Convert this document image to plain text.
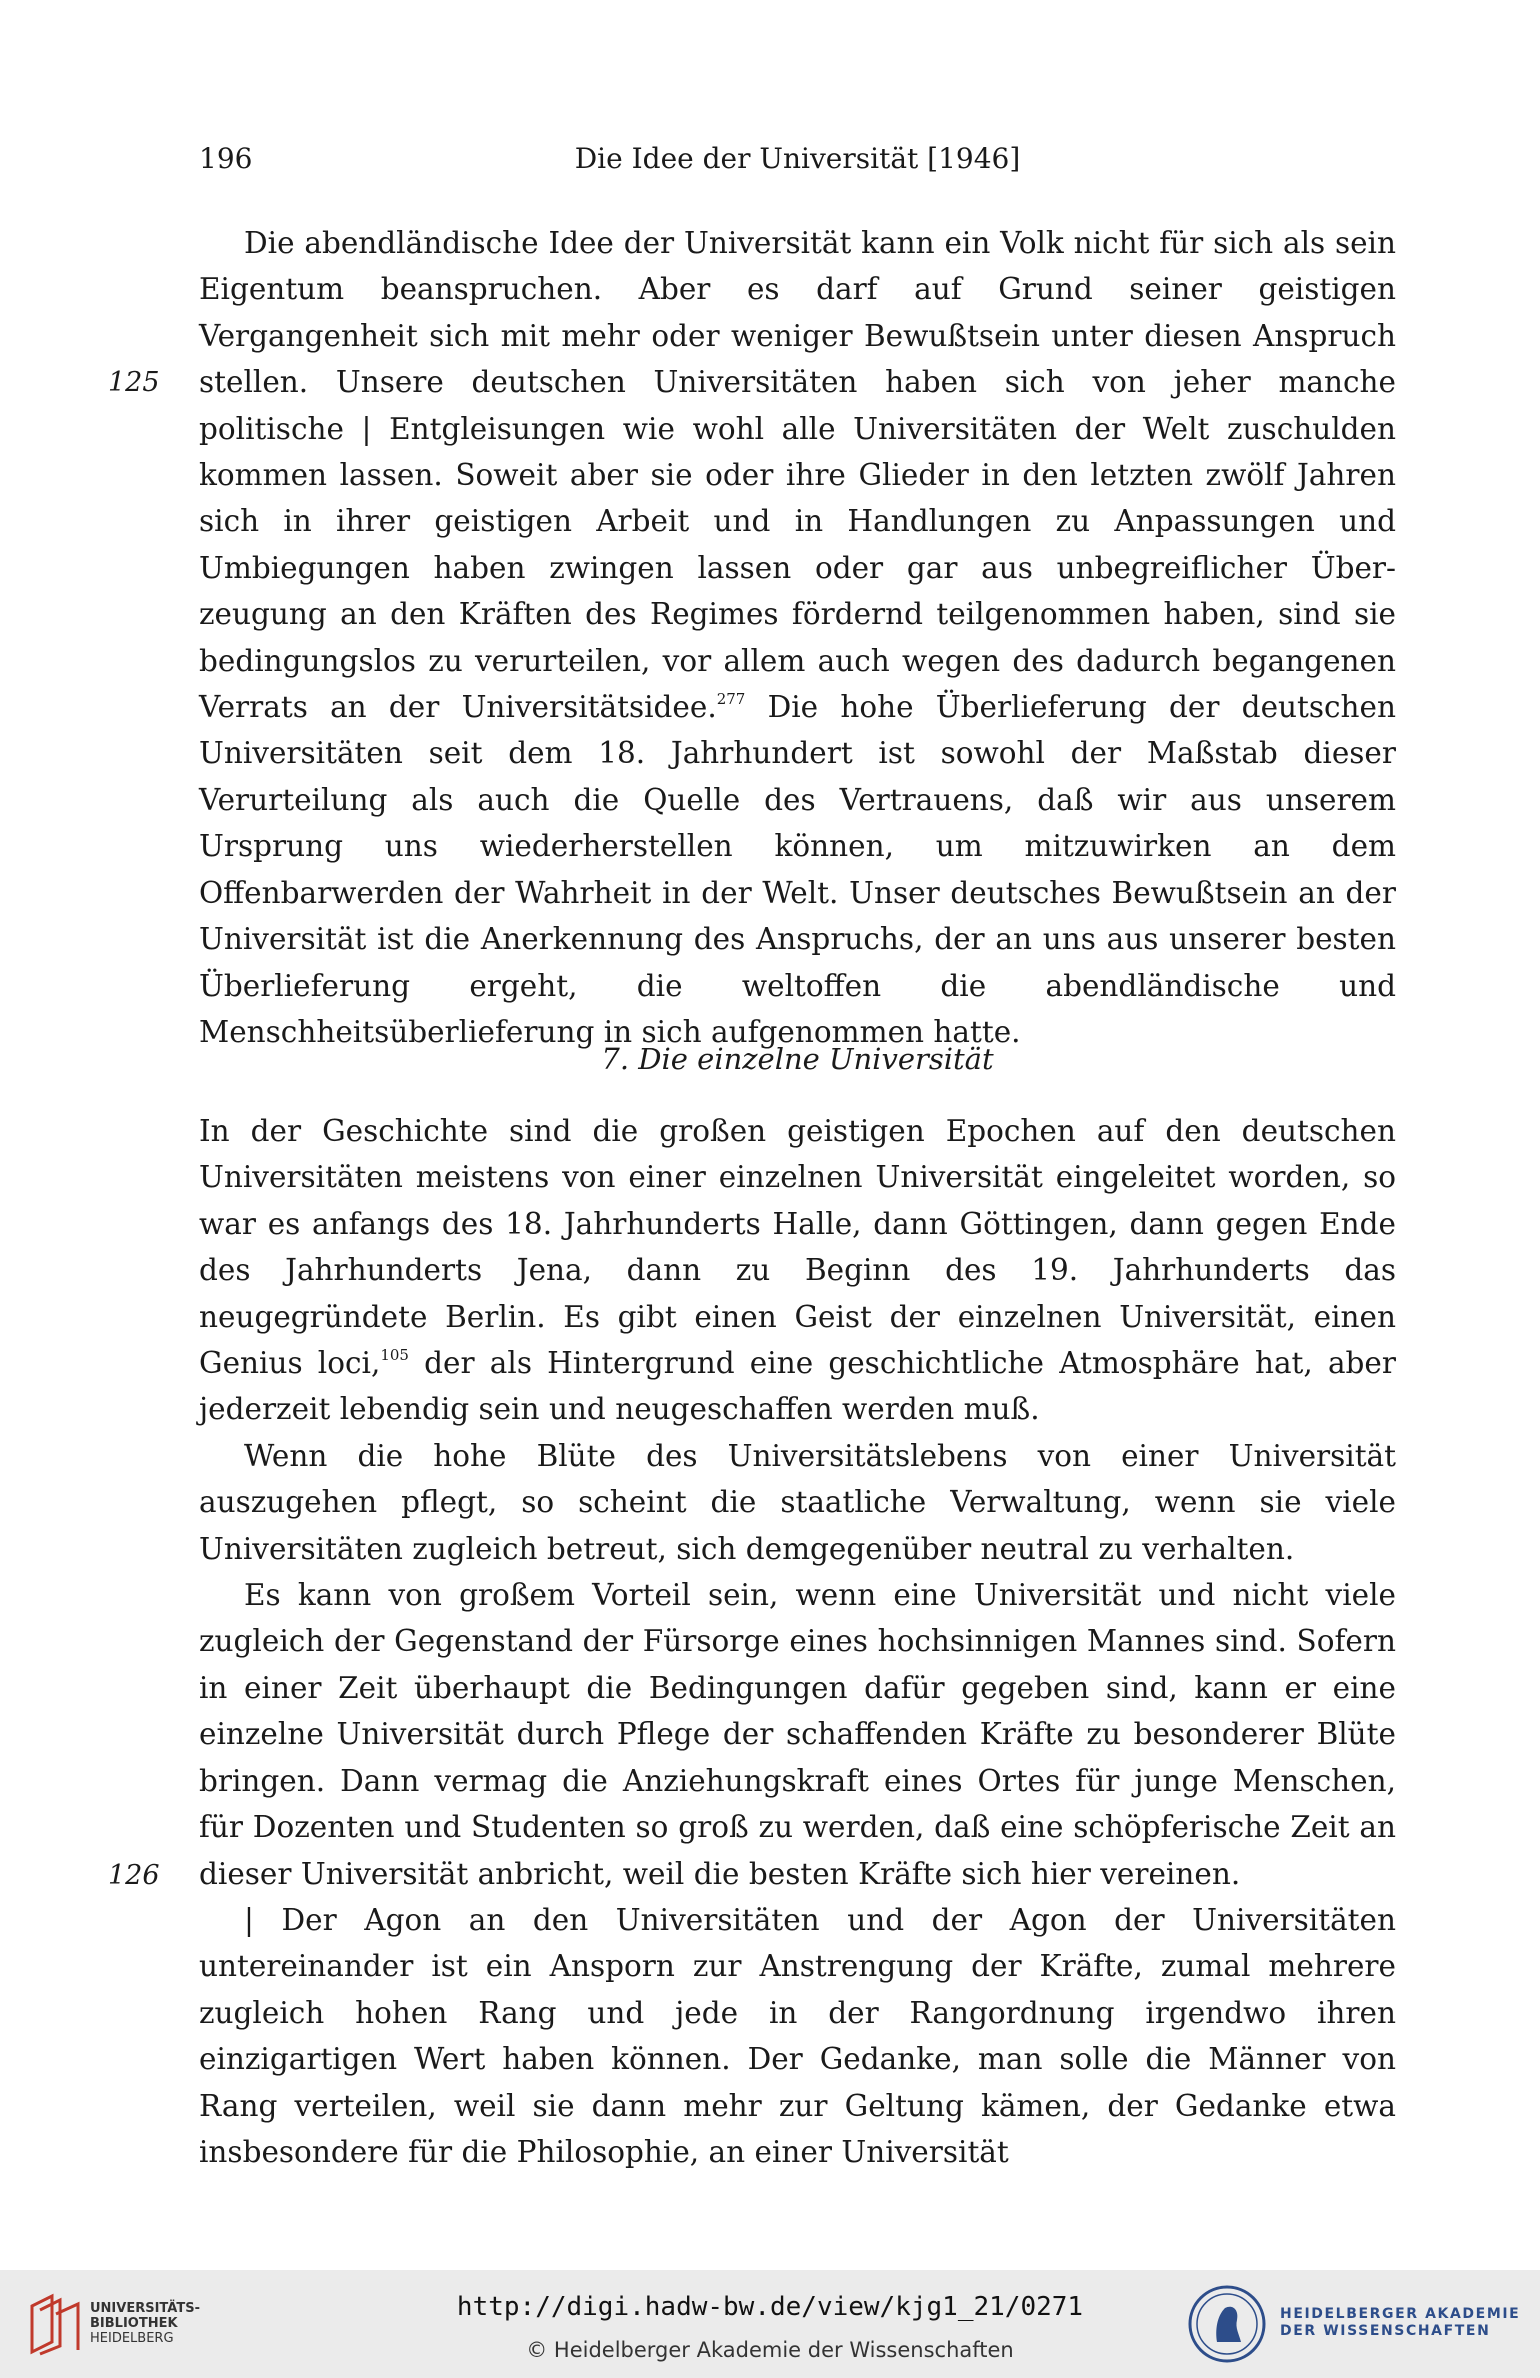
196	Die Idee der Universität [1946]
125
126

Die abendländische Idee der Universität kann ein Volk nicht für sich als sein Eigentum beanspruchen. Aber es darf auf Grund seiner geistigen Vergangenheit sich mit mehr oder weniger Bewußtsein unter diesen Anspruch stellen. Unsere deutschen Universitäten haben sich von jeher manche politische | Entgleisungen wie wohl alle Universitäten der Welt zuschulden kommen lassen. Soweit aber sie oder ihre Glieder in den letzten zwölf Jahren sich in ihrer geistigen Arbeit und in Handlungen zu Anpassungen und Umbiegungen haben zwingen lassen oder gar aus unbegreiflicher Überzeugung an den Kräften des Regimes fördernd teilgenommen haben, sind sie bedingungslos zu verurteilen, vor allem auch wegen des dadurch begangenen Verrats an der Universitätsidee.$^{277}$ Die hohe Überlieferung der deutschen Universitäten seit dem 18. Jahrhundert ist sowohl der Maßstab dieser Verurteilung als auch die Quelle des Vertrauens, daß wir aus unserem Ursprung uns wiederherstellen können, um mitzuwirken an dem Offenbarwerden der Wahrheit in der Welt. Unser deutsches Bewußtsein an der Universität ist die Anerkennung des Anspruchs, der an uns aus unserer besten Überlieferung ergeht, die weltoffen die abendländische und Menschheitsüberlieferung in sich aufgenommen hatte.

7. Die einzelne Universität

In der Geschichte sind die großen geistigen Epochen auf den deutschen Universitäten meistens von einer einzelnen Universität eingeleitet worden, so war es anfangs des 18. Jahrhunderts Halle, dann Göttingen, dann gegen Ende des Jahrhunderts Jena, dann zu Beginn des 19. Jahrhunderts das neugegründete Berlin. Es gibt einen Geist der einzelnen Universität, einen Genius loci,$^{105}$ der als Hintergrund eine geschichtliche Atmosphäre hat, aber jederzeit lebendig sein und neugeschaffen werden muß.

Wenn die hohe Blüte des Universitätslebens von einer Universität auszugehen pflegt, so scheint die staatliche Verwaltung, wenn sie viele Universitäten zugleich betreut, sich demgegenüber neutral zu verhalten.

Es kann von großem Vorteil sein, wenn eine Universität und nicht viele zugleich der Gegenstand der Fürsorge eines hochsinnigen Mannes sind. Sofern in einer Zeit überhaupt die Bedingungen dafür gegeben sind, kann er eine einzelne Universität durch Pflege der schaffenden Kräfte zu besonderer Blüte bringen. Dann vermag die Anziehungskraft eines Ortes für junge Menschen, für Dozenten und Studenten so groß zu werden, daß eine schöpferische Zeit an dieser Universität anbricht, weil die besten Kräfte sich hier vereinen.

| Der Agon an den Universitäten und der Agon der Universitäten untereinander ist ein Ansporn zur Anstrengung der Kräfte, zumal mehrere zugleich hohen Rang und jede in der Rangordnung irgendwo ihren einzigartigen Wert haben können. Der Gedanke, man solle die Männer von Rang verteilen, weil sie dann mehr zur Geltung kämen, der Gedanke etwa insbesondere für die Philosophie, an einer Universität

UNIVERSITÄTS-
BIBLIOTHEK
HEIDELBERG
http://digi.hadw-bw.de/view/kjg1_21/0271
© Heidelberger Akademie der Wissenschaften
HEIDELBERGER AKADEMIE
DER WISSENSCHAFTEN
